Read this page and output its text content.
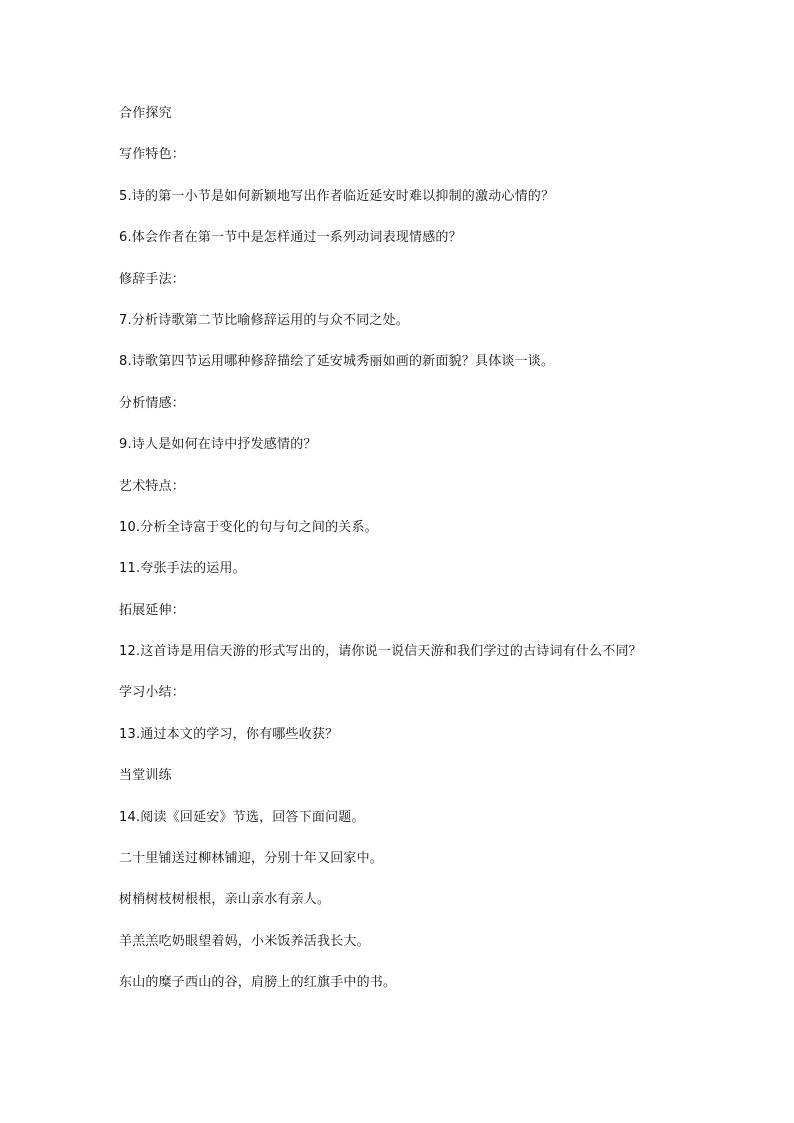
合作探究
写作特色：
5.诗的第一小节是如何新颖地写出作者临近延安时难以抑制的激动心情的？
6.体会作者在第一节中是怎样通过一系列动词表现情感的？
修辞手法：
7.分析诗歌第二节比喻修辞运用的与众不同之处。
8.诗歌第四节运用哪种修辞描绘了延安城秀丽如画的新面貌？具体谈一谈。
分析情感：
9.诗人是如何在诗中抒发感情的？
艺术特点：
10.分析全诗富于变化的句与句之间的关系。
11.夸张手法的运用。
拓展延伸：
12.这首诗是用信天游的形式写出的，请你说一说信天游和我们学过的古诗词有什么不同？
学习小结：
13.通过本文的学习，你有哪些收获？
当堂训练
14.阅读《回延安》节选，回答下面问题。
二十里铺送过柳林铺迎，分别十年又回家中。
树梢树枝树根根，亲山亲水有亲人。
羊羔羔吃奶眼望着妈，小米饭养活我长大。
东山的糜子西山的谷，肩膀上的红旗手中的书。
